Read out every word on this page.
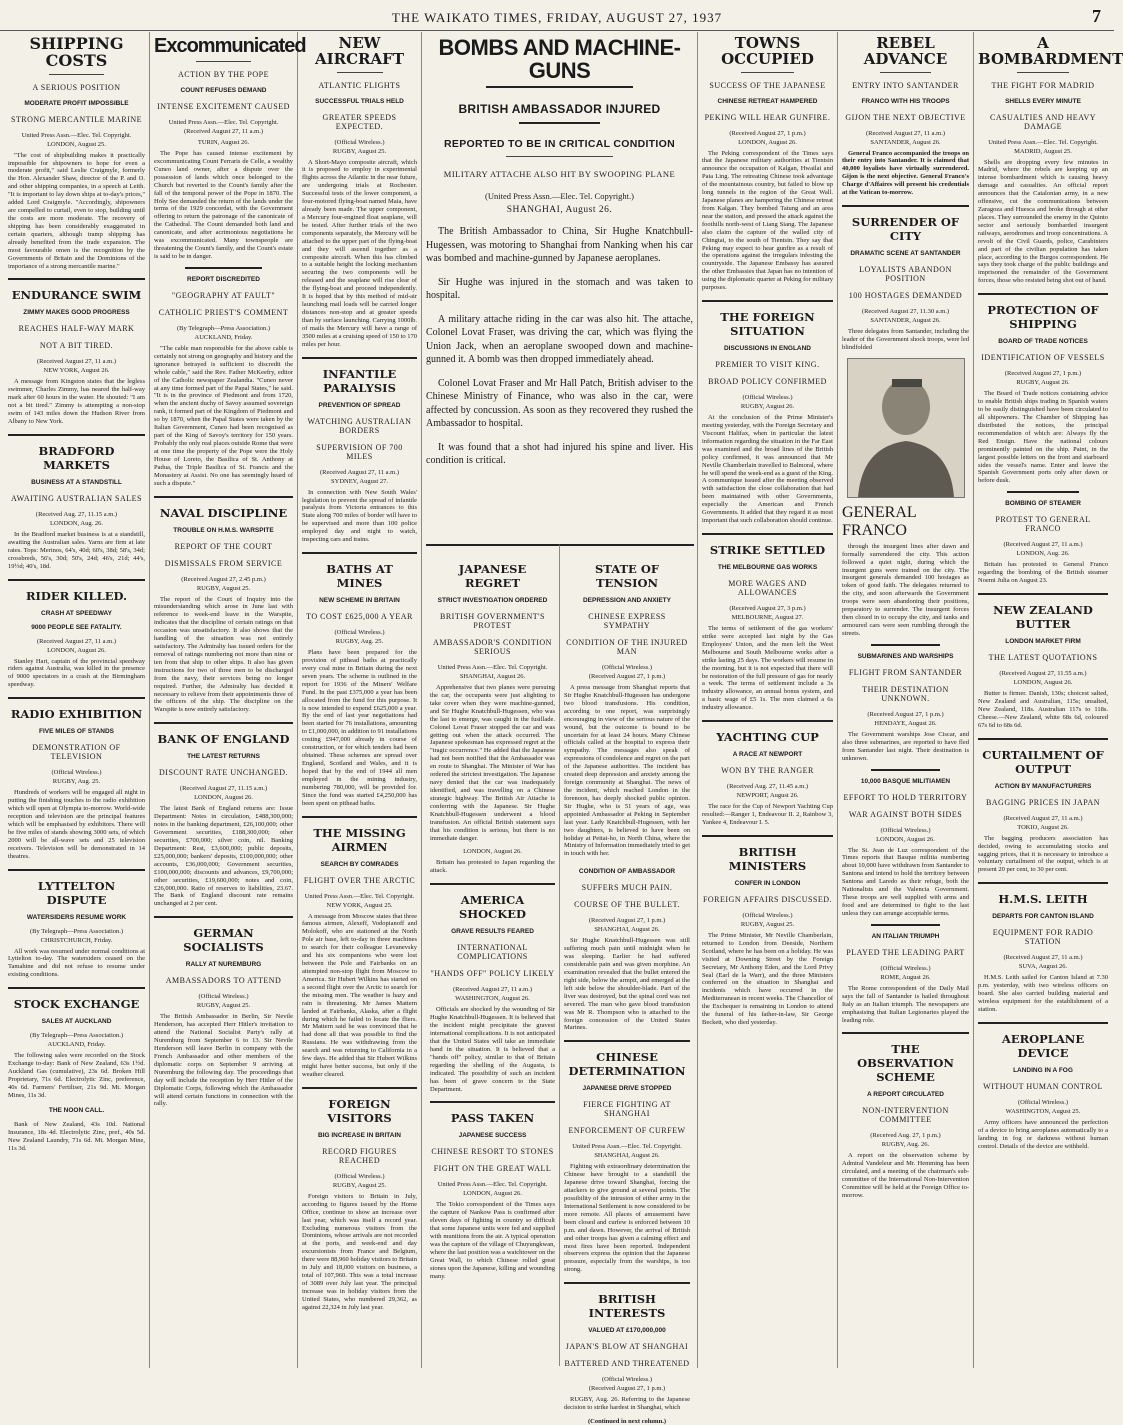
THE WAIKATO TIMES, FRIDAY, AUGUST 27, 1937	7
SHIPPING COSTS
A SERIOUS POSITION
MODERATE PROFIT IMPOSSIBLE
STRONG MERCANTILE MARINE
United Press Assn.—Elec. Tel. Copyright.
LONDON, August 25.

"The cost of shipbuilding makes it practically impossible for shipowners to hope for even a moderate profit," said Leslie Craigmyle, formerly the Hon. Alexander Shaw, director of the P. and O. and other shipping companies, in a speech at Leith. "It is important to lay down ships at to-day's prices," added Lord Craigmyle. "Accordingly, shipowners are compelled to curtail, even to stop, building until the costs are more moderate. The recovery of shipping has been considerably exaggerated in certain quarters, although tramp shipping has already benefited from the trade expansion. The most favourable omen is the recognition by the Governments of Britain and the Dominions of the importance of a strong mercantile marine."

ENDURANCE SWIM
ZIMMY MAKES GOOD PROGRESS
REACHES HALF-WAY MARK
NOT A BIT TIRED.
(Received August 27, 11 a.m.)
NEW YORK, August 26.

A message from Kingston states that the legless swimmer, Charles Zimmy, has neared the half-way mark after 60 hours in the water. He shouted: "I am not a bit tired." Zimmy is attempting a non-stop swim of 143 miles down the Hudson River from Albany to New York.

BRADFORD MARKETS
BUSINESS AT A STANDSTILL
AWAITING AUSTRALIAN SALES
(Received Aug. 27, 11.15 a.m.)
LONDON, Aug. 26.

In the Bradford market business is at a standstill, awaiting the Australian sales. Yarns are firm at late rates. Tops: Merinos, 64's, 40d; 60's, 38d; 58's, 34d; crossbreds, 56's, 30d; 50's, 24d; 46's, 21d; 44's, 19½d; 40's, 18d.

RIDER KILLED.
CRASH AT SPEEDWAY
9000 PEOPLE SEE FATALITY.
(Received August 27, 11 a.m.)
LONDON, August 26.

Stanley Hart, captain of the provincial speedway riders against Australia, was killed in the presence of 9000 spectators in a crash at the Birmingham speedway.

RADIO EXHIBITION
FIVE MILES OF STANDS
DEMONSTRATION OF TELEVISION
(Official Wireless.)
RUGBY, Aug. 25.

Hundreds of workers will be engaged all night in putting the finishing touches to the radio exhibition which will open at Olympia to-morrow. World-wide reception and television are the principal features which will be emphasised by exhibitors. There will be five miles of stands showing 3000 sets, of which 2000 will be all-wave sets and 25 television receivers. Television will be demonstrated in 14 theatres.

LYTTELTON DISPUTE
WATERSIDERS RESUME WORK
(By Telegraph—Press Association.)
CHRISTCHURCH, Friday.

All work was resumed under normal conditions at Lyttelton to-day. The watersiders ceased on the Tamahine and did not refuse to resume under existing conditions.

STOCK EXCHANGE
SALES AT AUCKLAND
(By Telegraph—Press Association.)
AUCKLAND, Friday.

The following sales were recorded on the Stock Exchange to-day: Bank of New Zealand, 63s 1½d. Auckland Gas (cumulative), 23s 6d. Broken Hill Proprietary, 71s 6d. Electrolytic Zinc, preference, 40s 6d. Farmers' Fertiliser, 21s 9d. Mt. Morgan Mines, 11s 3d.

THE NOON CALL.

Bank of New Zealand, 43s 10d. National Insurance, 18s 4d. Electrolytic Zinc, pref., 40s 5d. New Zealand Laundry, 71s 6d. Mt. Morgan Mine, 11s 3d.

Excommunicated
ACTION BY THE POPE
COUNT REFUSES DEMAND
INTENSE EXCITEMENT CAUSED
United Press Assn.—Elec. Tel. Copyright.
(Received August 27, 11 a.m.)
TURIN, August 26.

The Pope has caused intense excitement by excommunicating Count Ferraris de Celle, a wealthy Cuneo land owner, after a dispute over the possession of lands which once belonged to the Church but reverted to the Count's family after the fall of the temporal power of the Pope in 1870. The Holy See demanded the return of the lands under the terms of the 1929 concordat, with the Government offering to return the patronage of the canonicate of the Cathedral. The Count demanded both land and canonicate, and after acrimonious negotiations he was excommunicated. Many townspeople are threatening the Count's family, and the Count's estate is said to be in danger.

REPORT DISCREDITED
"GEOGRAPHY AT FAULT"
CATHOLIC PRIEST'S COMMENT
(By Telegraph—Press Association.)
AUCKLAND, Friday.

"The cable man responsible for the above cable is certainly not strong on geography and history and the ignorance betrayed is sufficient to discredit the whole cable," said the Rev. Father McKeefry, editor of the Catholic newspaper Zealandia. "Cuneo never at any time formed part of the Papal States," he said. "It is in the province of Piedmont and from 1720, when the ancient duchy of Savoy assumed sovereign rank, it formed part of the Kingdom of Piedmont and so by 1870, when the Papal States were taken by the Italian Government, Cuneo had been recognised as part of the King of Savoy's territory for 150 years. Probably the only real places outside Rome that were at one time the property of the Pope were the Holy House of Loreto, the Basilica of St. Anthony at Padua, the Triple Basilica of St. Francis and the Monastery at Assisi. No one has seemingly heard of such a dispute."

NAVAL DISCIPLINE
TROUBLE ON H.M.S. WARSPITE
REPORT OF THE COURT
DISMISSALS FROM SERVICE
(Received August 27, 2.45 p.m.)
RUGBY, August 25.

The report of the Court of Inquiry into the misunderstanding which arose in June last with reference to week-end leave in the Warspite, indicates that the discipline of certain ratings on that occasion was unsatisfactory. It also shows that the handling of the situation was not entirely satisfactory. The Admiralty has issued orders for the removal of ratings numbering not more than nine or ten from that ship to other ships. It also has given instructions for two of three men to be discharged from the navy, their services being no longer required. Further, the Admiralty has decided it necessary to relieve from their appointments three of the officers of the ship. The discipline on the Warspite is now entirely satisfactory.

BANK OF ENGLAND
THE LATEST RETURNS
DISCOUNT RATE UNCHANGED.
(Received August 27, 11.15 a.m.)
LONDON, August 26.

The latest Bank of England returns are: Issue Department: Notes in circulation, £488,300,000; notes in the banking department, £26,100,000; other Government securities, £188,300,000; other securities, £700,000; silver coin, nil. Banking Department: Rest, £3,600,000; public deposits, £25,000,000; bankers' deposits, £100,000,000; other accounts, £36,000,000; Government securities, £100,000,000; discounts and advances, £9,700,000; other securities, £19,600,000; notes and coin, £26,000,000. Ratio of reserves to liabilities, 23.67. The Bank of England discount rate remains unchanged at 2 per cent.

GERMAN SOCIALISTS
RALLY AT NUREMBURG
AMBASSADORS TO ATTEND
(Official Wireless.)
RUGBY, August 25.

The British Ambassador in Berlin, Sir Nevile Henderson, has accepted Herr Hitler's invitation to attend the National Socialist Party's rally at Nuremburg from September 6 to 13. Sir Nevile Henderson will leave Berlin in company with the French Ambassador and other members of the diplomatic corps on September 9 arriving at Nuremburg the following day. The proceedings that day will include the reception by Herr Hitler of the Diplomatic Corps, following which the Ambassador will attend certain functions in connection with the rally.

NEW AIRCRAFT
ATLANTIC FLIGHTS
SUCCESSFUL TRIALS HELD
GREATER SPEEDS EXPECTED.
(Official Wireless.)
RUGBY, August 25.

A Short-Mayo composite aircraft, which it is proposed to employ in experimental flights across the Atlantic in the near future, are undergoing trials at Rochester. Successful tests of the lower component, a four-motored flying-boat named Maia, have already been made. The upper component, a Mercury four-engined float seaplane, will be tested. After further trials of the two components separately, the Mercury will be attached to the upper part of the flying-boat and they will ascend together as a composite aircraft. When this has climbed to a suitable height the locking mechanism securing the two components will be released and the seaplane will rise clear of the flying-boat and proceed independently. It is hoped that by this method of mid-air launching mail loads will be carried longer distances non-stop and at greater speeds than by surface launching. Carrying 1000lb. of mails the Mercury will have a range of 3500 miles at a cruising speed of 150 to 170 miles per hour.

INFANTILE PARALYSIS
PREVENTION OF SPREAD
WATCHING AUSTRALIAN BORDERS
SUPERVISION OF 700 MILES
(Received August 27, 11 a.m.)
SYDNEY, August 27.

In connection with New South Wales' legislation to prevent the spread of infantile paralysis from Victoria entrances to this State along 700 miles of border will have to be supervised and more than 100 police employed day and night to watch, inspecting cars and trains.

BATHS AT MINES
NEW SCHEME IN BRITAIN
TO COST £625,000 A YEAR
(Official Wireless.)
RUGBY, Aug. 25.

Plans have been prepared for the provision of pithead baths at practically every coal mine in Britain during the next seven years. The scheme is outlined in the report for 1936 of the Miners' Welfare Fund. In the past £375,000 a year has been allocated from the fund for this purpose. It is now intended to expend £625,000 a year. By the end of last year negotiations had been started for 76 installations, amounting to £1,000,000, in addition to 91 installations costing £947,000 already in course of construction, or for which tenders had been obtained. These schemes are spread over England, Scotland and Wales, and it is hoped that by the end of 1944 all men employed in the mining industry, numbering 780,000, will be provided for. Since the fund was started £4,250,000 has been spent on pithead baths.

THE MISSING AIRMEN
SEARCH BY COMRADES
FLIGHT OVER THE ARCTIC
United Press Assn.—Elec. Tel. Copyright.
NEW YORK, August 25.

A message from Moscow states that three famous airmen, Alexeff, Vodopianoff and Molokoff, who are stationed at the North Pole air base, left to-day in three machines to search for their colleague Levanevsky and his six companions who were lost between the Pole and Fairbanks on an attempted non-stop flight from Moscow to America. Sir Hubert Wilkins has started on a second flight over the Arctic to search for the missing men. The weather is hazy and rain is threatening. Mr James Mattern landed at Fairbanks, Alaska, after a flight during which he failed to locate the fliers. Mr Mattern said he was convinced that he had done all that was possible to find the Russians. He was withdrawing from the search and was returning to California in a few days. He added that Sir Hubert Wilkins might have better success, but only if the weather cleared.

FOREIGN VISITORS
BIG INCREASE IN BRITAIN
RECORD FIGURES REACHED
(Official Wireless.)
RUGBY, August 25.

Foreign visitors to Britain in July, according to figures issued by the Home Office, continue to show an increase over last year, which was itself a record year. Excluding numerous visitors from the Dominions, whose arrivals are not recorded at the ports, and week-end and day excursionists from France and Belgium, there were 88,960 holiday visitors to Britain in July and 18,000 visitors on business, a total of 107,960. This was a total increase of 3089 over July last year. The principal increase was in holiday visitors from the United States, who numbered 29,362, as against 22,324 in July last year.

BOMBS AND MACHINE-GUNS
BRITISH AMBASSADOR INJURED
REPORTED TO BE IN CRITICAL CONDITION
MILITARY ATTACHE ALSO HIT BY SWOOPING PLANE
(United Press Assn.—Elec. Tel. Copyright.)
SHANGHAI, August 26.

The British Ambassador to China, Sir Hughe Knatchbull-Hugessen, was motoring to Shanghai from Nanking when his car was bombed and machine-gunned by Japanese aeroplanes.

Sir Hughe was injured in the stomach and was taken to hospital.

A military attache riding in the car was also hit. The attache, Colonel Lovat Fraser, was driving the car, which was flying the Union Jack, when an aeroplane swooped down and machine-gunned it. A bomb was then dropped immediately ahead.

Colonel Lovat Fraser and Mr Hall Patch, British adviser to the Chinese Ministry of Finance, who was also in the car, were affected by concussion. As soon as they recovered they rushed the Ambassador to hospital.

It was found that a shot had injured his spine and liver. His condition is critical.

JAPANESE REGRET
STRICT INVESTIGATION ORDERED
BRITISH GOVERNMENT'S PROTEST
AMBASSADOR'S CONDITION SERIOUS
United Press Assn.—Elec. Tel. Copyright.
SHANGHAI, August 26.

Apprehensive that two planes were pursuing the car, the occupants were just alighting to take cover when they were machine-gunned, and Sir Hughe Knatchbull-Hugessen, who was the last to emerge, was caught in the fusillade. Colonel Lovat Fraser stopped the car and was getting out when the attack occurred. The Japanese spokesman has expressed regret at the "tragic occurrence." He added that the Japanese had not been notified that the Ambassador was en route to Shanghai. The Minister of War has ordered the strictest investigation. The Japanese navy denied that the car was inadequately identified, and was travelling on a Chinese strategic highway. The British Air Attache is conferring with the Japanese. Sir Hughe Knatchbull-Hugessen underwent a blood transfusion. An official British statement says that his condition is serious, but there is no immediate danger.

LONDON, August 26.

Britain has protested to Japan regarding the attack.

AMERICA SHOCKED
GRAVE RESULTS FEARED
INTERNATIONAL COMPLICATIONS
"HANDS OFF" POLICY LIKELY
(Received August 27, 11 a.m.)
WASHINGTON, August 26.

Officials are shocked by the wounding of Sir Hughe Knatchbull-Hugessen. It is believed that the incident might precipitate the gravest international complications. It is not anticipated that the United States will take an immediate hand in the situation. It is believed that a "hands off" policy, similar to that of Britain regarding the shelling of the Augusta, is indicated. The possibility of such an incident has been of grave concern to the State Department.

PASS TAKEN
JAPANESE SUCCESS
CHINESE RESORT TO STONES
FIGHT ON THE GREAT WALL
United Press Assn.—Elec. Tel. Copyright.
LONDON, August 26.

The Tokio correspondent of the Times says the capture of Nankow Pass is confirmed after eleven days of fighting in country so difficult that some Japanese units were fed and supplied with munitions from the air. A typical operation was the capture of the village of Chuyungkwan, where the last position was a watchtower on the Great Wall, to which Chinese rolled great stones upon the Japanese, killing and wounding many.

STATE OF TENSION
DEPRESSION AND ANXIETY
CHINESE EXPRESS SYMPATHY
CONDITION OF THE INJURED MAN
(Official Wireless.)
(Received August 27, 1 p.m.)

A press message from Shanghai reports that Sir Hughe Knatchbull-Hugessen has undergone two blood transfusions. His condition, according to one report, was surprisingly encouraging in view of the serious nature of the wound, but the outcome is bound to be uncertain for at least 24 hours. Many Chinese officials called at the hospital to express their sympathy. The messages also speak of expressions of condolence and regret on the part of the Japanese authorities. The incident has created deep depression and anxiety among the foreign community at Shanghai. The news of the incident, which reached London in the forenoon, has deeply shocked public opinion. Sir Hughe, who is 51 years of age, was appointed Ambassador at Peking in September last year. Lady Knatchbull-Hugessen, with her two daughters, is believed to have been on holiday at Peitai-ho, in North China, where the Ministry of Information immediately tried to get in touch with her.

CONDITION OF AMBASSADOR
SUFFERS MUCH PAIN.
COURSE OF THE BULLET.
(Received August 27, 1 p.m.)
SHANGHAI, August 26.

Sir Hughe Knatchbull-Hugessen was still suffering much pain until midnight when he was sleeping. Earlier he had suffered considerable pain and was given morphine. An examination revealed that the bullet entered the right side, below the armpit, and emerged at the left side below the shoulder-blade. Part of the liver was destroyed, but the spinal cord was not severed. The man who gave blood transfusion was Mr R. Thompson who is attached to the foreign concession of the United States Marines.

CHINESE DETERMINATION
JAPANESE DRIVE STOPPED
FIERCE FIGHTING AT SHANGHAI
ENFORCEMENT OF CURFEW
United Press Assn.—Elec. Tel. Copyright.
SHANGHAI, August 26.

Fighting with extraordinary determination the Chinese have brought to a standstill the Japanese drive toward Shanghai, forcing the attackers to give ground at several points. The possibility of the intrusion of either army in the International Settlement is now considered to be more remote. All places of amusement have been closed and curfew is enforced between 10 p.m. and dawn. However, the arrival of British and other troops has given a calming effect and most fires have been reported. Independent observers express the opinion that the Japanese pressure, especially from the warships, is too strong.

BRITISH INTERESTS
VALUED AT £170,000,000
JAPAN'S BLOW AT SHANGHAI
BATTERED AND THREATENED
(Official Wireless.)
(Received August 27, 1 p.m.)

RUGBY, Aug. 26. Referring to the Japanese decision to strike hardest in Shanghai, which

(Continued in next column.)
TOWNS OCCUPIED
SUCCESS OF THE JAPANESE
CHINESE RETREAT HAMPERED
PEKING WILL HEAR GUNFIRE.
(Received August 27, 1 p.m.)
LONDON, August 26.

The Peking correspondent of the Times says that the Japanese military authorities at Tientsin announce the occupation of Kalgan, Hwailai and Paia Ling. The retreating Chinese took advantage of the mountainous country, but failed to blow up long tunnels in the region of the Great Wall. Japanese planes are hampering the Chinese retreat from Kalgan. They bombed Tatung and an area near the station, and pressed the attack against the foothills north-west of Liang Siang. The Japanese also claim the capture of the walled city of Chingtai, to the south of Tientsin. They say that Peking may expect to hear gunfire as a result of the operations against the irregulars infesting the countryside. The Japanese Embassy has assured the other Embassies that Japan has no intention of using the diplomatic quarter at Peking for military purposes.

THE FOREIGN SITUATION
DISCUSSIONS IN ENGLAND
PREMIER TO VISIT KING.
BROAD POLICY CONFIRMED
(Official Wireless.)
RUGBY, August 26.

At the conclusion of the Prime Minister's meeting yesterday, with the Foreign Secretary and Viscount Halifax, when in particular the latest information regarding the situation in the Far East was examined and the broad lines of the British policy confirmed, it was announced that Mr Neville Chamberlain travelled to Balmoral, where he will spend the week-end as a guest of the King. A communique issued after the meeting observed with satisfaction the close collaboration that had been maintained with other Governments, especially the American and French Governments. It added that they regard it as most important that such collaboration should continue.

STRIKE SETTLED
THE MELBOURNE GAS WORKS
MORE WAGES AND ALLOWANCES
(Received August 27, 3 p.m.)
MELBOURNE, August 27.

The terms of settlement of the gas workers' strike were accepted last night by the Gas Employees' Union, and the men left the West Melbourne and South Melbourne works after a strike lasting 25 days. The workers will resume in the morning, but it is not expected that there will be restoration of the full pressure of gas for nearly a week. The terms of settlement include a 3s industry allowance, an annual bonus system, and a basic wage of £5 1s. The men claimed a 6s industry allowance.

YACHTING CUP
A RACE AT NEWPORT
WON BY THE RANGER
(Received Aug. 27, 11.45 a.m.)
NEWPORT, August 26.

The race for the Cup of Newport Yachting Cup resulted:—Ranger 1, Endeavour II. 2, Rainbow 3, Yankee 4, Endeavour I. 5.

BRITISH MINISTERS
CONFER IN LONDON
FOREIGN AFFAIRS DISCUSSED.
(Official Wireless.)
RUGBY, August 25.

The Prime Minister, Mr Neville Chamberlain, returned to London from Deeside, Northern Scotland, where he has been on a holiday. He was visited at Downing Street by the Foreign Secretary, Mr Anthony Eden, and the Lord Privy Seal (Earl de la Warr), and the three Ministers conferred on the situation in Shanghai and incidents which have occurred in the Mediterranean in recent weeks. The Chancellor of the Exchequer is remaining in London to attend the funeral of his father-in-law, Sir George Beckett, who died yesterday.

REBEL ADVANCE
ENTRY INTO SANTANDER
FRANCO WITH HIS TROOPS
GIJON THE NEXT OBJECTIVE
(Received August 27, 11 a.m.)
SANTANDER, August 26.

General Franco accompanied the troops on their entry into Santander. It is claimed that 40,000 loyalists have virtually surrendered. Gijon is the next objective. General Franco's Charge d'Affaires will present his credentials at the Vatican to-morrow.

SURRENDER OF CITY
DRAMATIC SCENE AT SANTANDER
LOYALISTS ABANDON POSITION
100 HOSTAGES DEMANDED
(Received August 27, 11.30 a.m.)
SANTANDER, August 26.

Three delegates from Santander, including the leader of the Government shock troops, were led blindfolded

GENERAL FRANCO

through the insurgent lines after dawn and formally surrendered the city. This action followed a quiet night, during which the insurgent guns were trained on the city. The insurgent generals demanded 100 hostages as token of good faith. The delegates returned to the city, and soon afterwards the Government troops were seen abandoning their positions, preparatory to surrender. The insurgent forces then closed in to occupy the city, and tanks and armoured cars were seen rumbling through the streets.

SUBMARINES AND WARSHIPS
FLIGHT FROM SANTANDER
THEIR DESTINATION UNKNOWN.
(Received August 27, 1 p.m.)
HENDAYE, August 26.

The Government warships Jose Ciscar, and also three submarines, are reported to have fled from Santander last night. Their destination is unknown.

10,000 BASQUE MILITIAMEN
EFFORT TO HOLD TERRITORY
WAR AGAINST BOTH SIDES
(Official Wireless.)
LONDON, August 26.

The St. Jean de Luz correspondent of the Times reports that Basque militia numbering about 10,000 have withdrawn from Santander to Santona and intend to hold the territory between Santona and Laredo as their refuge, both the Nationalists and the Valencia Government. These troops are well supplied with arms and food and are determined to fight to the last unless they can arrange acceptable terms.

AN ITALIAN TRIUMPH
PLAYED THE LEADING PART
(Official Wireless.)
ROME, August 26.

The Rome correspondent of the Daily Mail says the fall of Santander is hailed throughout Italy as an Italian triumph. The newspapers are emphasising that Italian Legionaries played the leading role.

THE OBSERVATION SCHEME
A REPORT CIRCULATED
NON-INTERVENTION COMMITTEE
(Received Aug. 27, 1 p.m.)
RUGBY, Aug. 26.

A report on the observation scheme by Admiral Vandeleur and Mr. Hemming has been circulated, and a meeting of the chairman's sub-committee of the International Non-Intervention Committee will be held at the Foreign Office to-morrow.

A BOMBARDMENT
THE FIGHT FOR MADRID
SHELLS EVERY MINUTE
CASUALTIES AND HEAVY DAMAGE
United Press Assn.—Elec. Tel. Copyright.
MADRID, August 25.

Shells are dropping every few minutes in Madrid, where the rebels are keeping up an intense bombardment which is causing heavy damage and casualties. An official report announces that the Catalonian army, in a new offensive, cut the communications between Zaragoza and Huesca and broke through at other places. They surrounded the enemy in the Quinto sector and seriously bombarded insurgent railways, aerodromes and troop concentrations. A revolt of the Civil Guards, police, Carabiniers and part of the civilian population has taken place, according to the Burgos correspondent. He says they took charge of the public buildings and imprisoned the remainder of the Government forces, those who resisted being shot out of hand.

PROTECTION OF SHIPPING
BOARD OF TRADE NOTICES
IDENTIFICATION OF VESSELS
(Received August 27, 1 p.m.)
RUGBY, August 26.

The Board of Trade notices containing advice to enable British ships trading in Spanish waters to be easily distinguished have been circulated to all shipowners. The Chamber of Shipping has distributed the notices, the principal recommendation of which are: Always fly the Red Ensign. Have the national colours prominently painted on the ship. Paint, in the largest possible letters on the front and starboard sides the vessel's name. Enter and leave the Spanish Government ports only after dawn or before dusk.

BOMBING OF STEAMER
PROTEST TO GENERAL FRANCO
(Received August 27, 11 a.m.)
LONDON, Aug. 26.

Britain has protested to General Franco regarding the bombing of the British steamer Noemi Julia on August 23.

NEW ZEALAND BUTTER
LONDON MARKET FIRM
THE LATEST QUOTATIONS
(Received August 27, 11.55 a.m.)
LONDON, August 26.

Butter is firmer. Danish, 130s; choicest salted, New Zealand and Australian, 115s; unsalted, New Zealand, 118s. Australian 117s to 118s. Cheese.—New Zealand, white 68s 6d, coloured 67s 6d to 68s 6d.

CURTAILMENT OF OUTPUT
ACTION BY MANUFACTURERS
BAGGING PRICES IN JAPAN
(Received August 27, 11 a.m.)
TOKIO, August 26.

The bagging producers association has decided, owing to accumulating stocks and sagging prices, that it is necessary to introduce a voluntary curtailment of the output, which is at present 20 per cent, to 30 per cent.

H.M.S. LEITH
DEPARTS FOR CANTON ISLAND
EQUIPMENT FOR RADIO STATION
(Received August 27, 11 a.m.)
SUVA, August 26.

H.M.S. Leith sailed for Canton Island at 7.30 p.m. yesterday, with two wireless officers on board. She also carried building material and wireless equipment for the establishment of a station.

AEROPLANE DEVICE
LANDING IN A FOG
WITHOUT HUMAN CONTROL
(Official Wireless.)
WASHINGTON, August 25.

Army officers have announced the perfection of a device to bring aeroplanes automatically to a landing in fog or darkness without human control. Details of the device are withheld.
